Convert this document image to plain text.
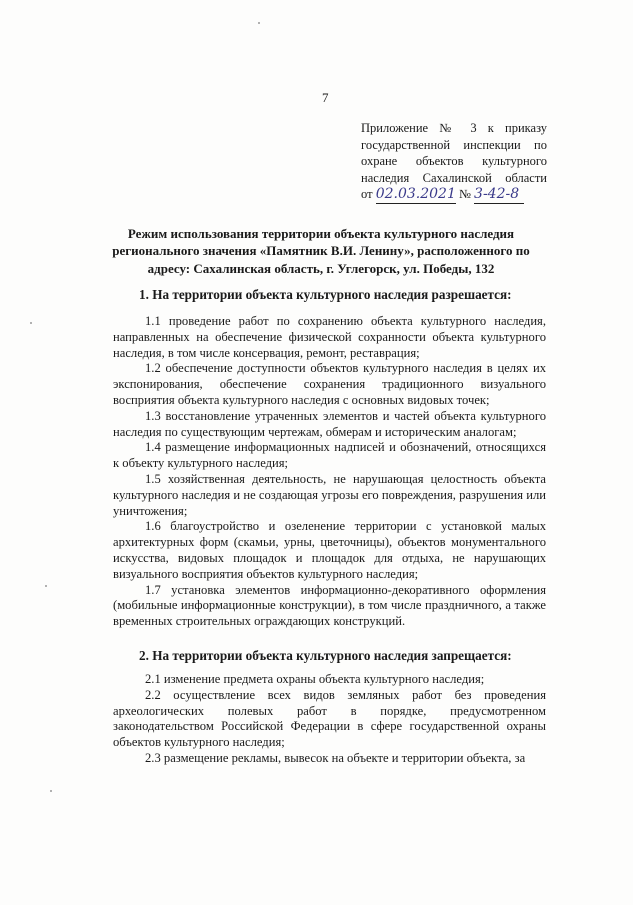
7
Приложение № 3 к приказу
государственной инспекции по
охране объектов культурного
наследия Сахалинской области
от 02.03.2021 № 3-42-8
Режим использования территории объекта культурного наследия регионального значения «Памятник В.И. Ленину», расположенного по адресу: Сахалинская область, г. Углегорск, ул. Победы, 132
1. На территории объекта культурного наследия разрешается:

1.1 проведение работ по сохранению объекта культурного наследия, направленных на обеспечение физической сохранности объекта культурного наследия, в том числе консервация, ремонт, реставрация;

1.2 обеспечение доступности объектов культурного наследия в целях их экспонирования, обеспечение сохранения традиционного визуального восприятия объекта культурного наследия с основных видовых точек;

1.3 восстановление утраченных элементов и частей объекта культурного наследия по существующим чертежам, обмерам и историческим аналогам;

1.4 размещение информационных надписей и обозначений, относящихся к объекту культурного наследия;

1.5 хозяйственная деятельность, не нарушающая целостность объекта культурного наследия и не создающая угрозы его повреждения, разрушения или уничтожения;

1.6 благоустройство и озеленение территории с установкой малых архитектурных форм (скамьи, урны, цветочницы), объектов монументального искусства, видовых площадок и площадок для отдыха, не нарушающих визуального восприятия объектов культурного наследия;

1.7 установка элементов информационно-декоративного оформления (мобильные информационные конструкции), в том числе праздничного, а также временных строительных ограждающих конструкций.

2. На территории объекта культурного наследия запрещается:

2.1 изменение предмета охраны объекта культурного наследия;

2.2 осуществление всех видов земляных работ без проведения археологических полевых работ в порядке, предусмотренном законодательством Российской Федерации в сфере государственной охраны объектов культурного наследия;

2.3 размещение рекламы, вывесок на объекте и территории объекта, за
